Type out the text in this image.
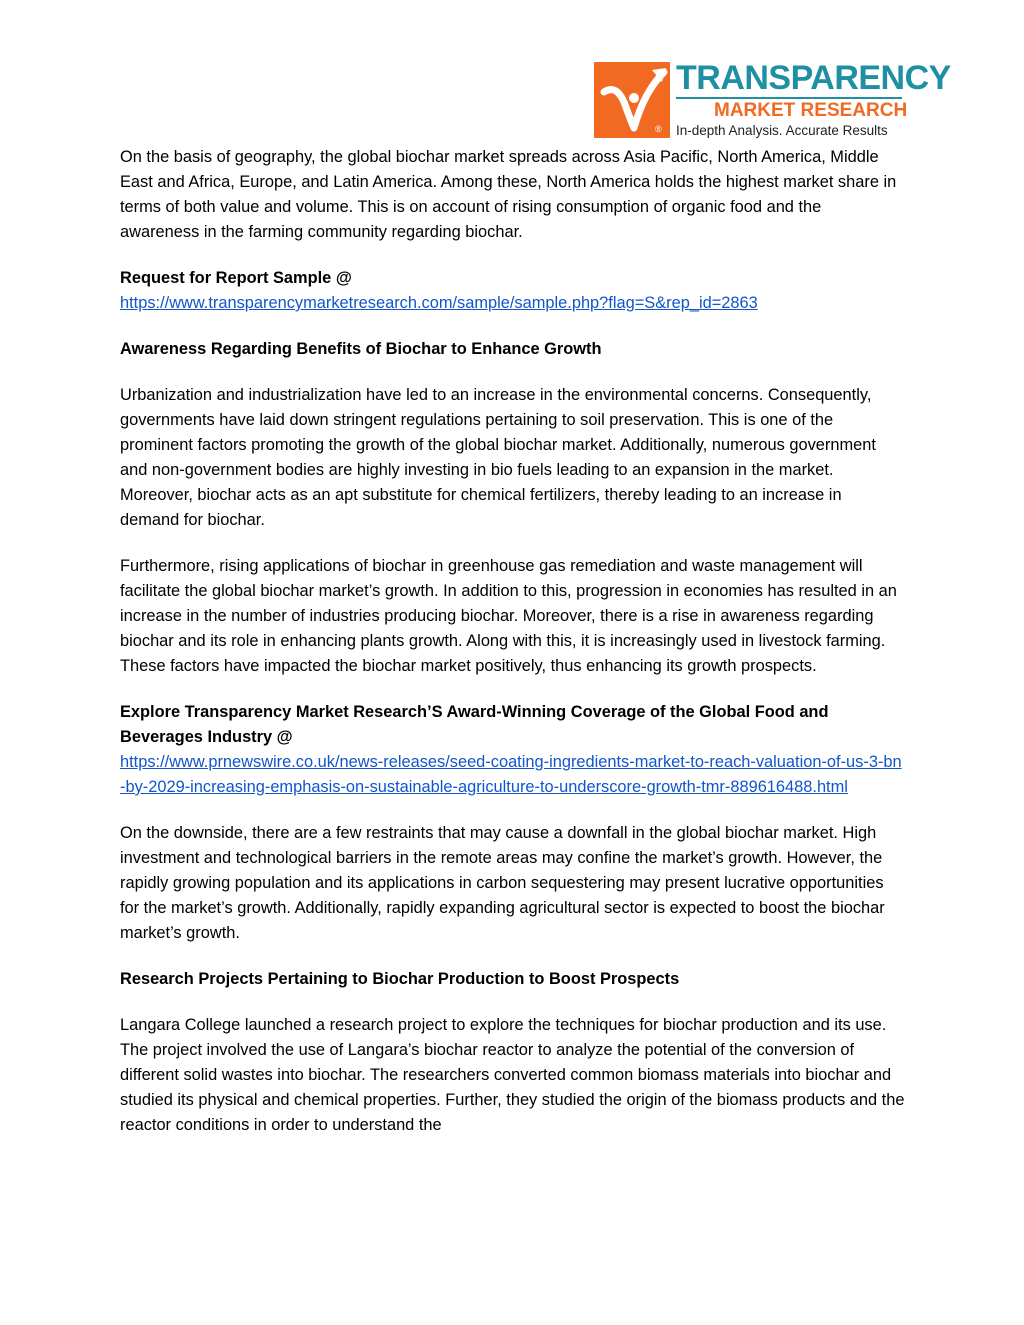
®
TRANSPARENCY
MARKET RESEARCH
In-depth Analysis. Accurate Results

On the basis of geography, the global biochar market spreads across Asia Pacific, North America, Middle East and Africa, Europe, and Latin America. Among these, North America holds the highest market share in terms of both value and volume. This is on account of rising consumption of organic food and the awareness in the farming community regarding biochar.

Request for Report Sample @
https://www.transparencymarketresearch.com/sample/sample.php?flag=S&rep_id=2863

Awareness Regarding Benefits of Biochar to Enhance Growth

Urbanization and industrialization have led to an increase in the environmental concerns. Consequently, governments have laid down stringent regulations pertaining to soil preservation. This is one of the prominent factors promoting the growth of the global biochar market. Additionally, numerous government and non-government bodies are highly investing in bio fuels leading to an expansion in the market. Moreover, biochar acts as an apt substitute for chemical fertilizers, thereby leading to an increase in demand for biochar.

Furthermore, rising applications of biochar in greenhouse gas remediation and waste management will facilitate the global biochar market’s growth. In addition to this, progression in economies has resulted in an increase in the number of industries producing biochar. Moreover, there is a rise in awareness regarding biochar and its role in enhancing plants growth. Along with this, it is increasingly used in livestock farming. These factors have impacted the biochar market positively, thus enhancing its growth prospects.

Explore Transparency Market Research’S Award-Winning Coverage of the Global Food and Beverages Industry @
https://www.prnewswire.co.uk/news-releases/seed-coating-ingredients-market-to-reach-valuation-of-us-3-bn-by-2029-increasing-emphasis-on-sustainable-agriculture-to-underscore-growth-tmr-889616488.html

On the downside, there are a few restraints that may cause a downfall in the global biochar market. High investment and technological barriers in the remote areas may confine the market’s growth. However, the rapidly growing population and its applications in carbon sequestering may present lucrative opportunities for the market’s growth. Additionally, rapidly expanding agricultural sector is expected to boost the biochar market’s growth.

Research Projects Pertaining to Biochar Production to Boost Prospects

Langara College launched a research project to explore the techniques for biochar production and its use. The project involved the use of Langara’s biochar reactor to analyze the potential of the conversion of different solid wastes into biochar. The researchers converted common biomass materials into biochar and studied its physical and chemical properties. Further, they studied the origin of the biomass products and the reactor conditions in order to understand the
